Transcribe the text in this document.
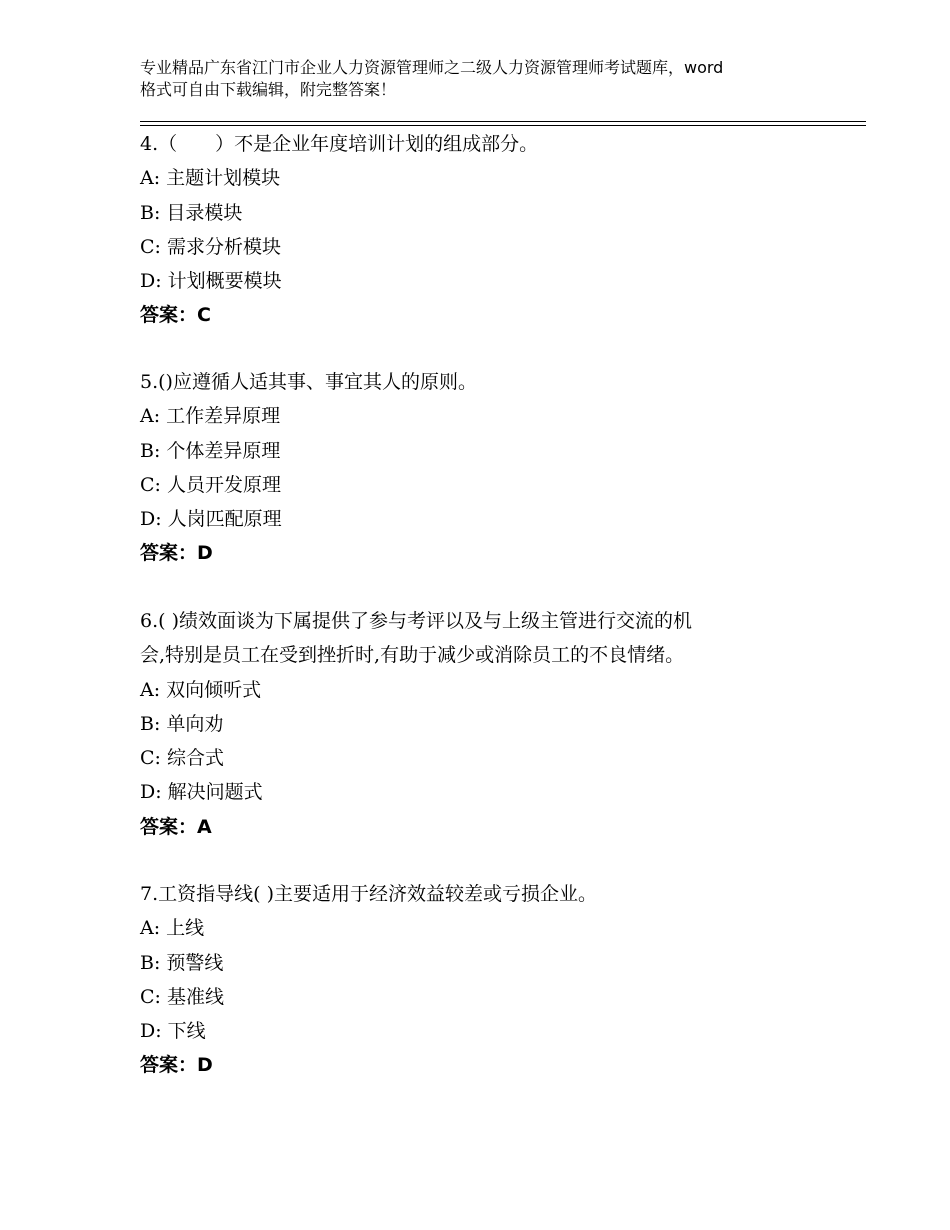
专业精品广东省江门市企业人力资源管理师之二级人力资源管理师考试题库，word
格式可自由下载编辑，附完整答案！
4.（　　）不是企业年度培训计划的组成部分。
A: 主题计划模块
B: 目录模块
C: 需求分析模块
D: 计划概要模块
答案：C
5.()应遵循人适其事、事宜其人的原则。
A: 工作差异原理
B: 个体差异原理
C: 人员开发原理
D: 人岗匹配原理
答案：D
6.( )绩效面谈为下属提供了参与考评以及与上级主管进行交流的机
会,特别是员工在受到挫折时,有助于减少或消除员工的不良情绪。
A: 双向倾听式
B: 单向劝
C: 综合式
D: 解决问题式
答案：A
7.工资指导线( )主要适用于经济效益较差或亏损企业。
A: 上线
B: 预警线
C: 基准线
D: 下线
答案：D
